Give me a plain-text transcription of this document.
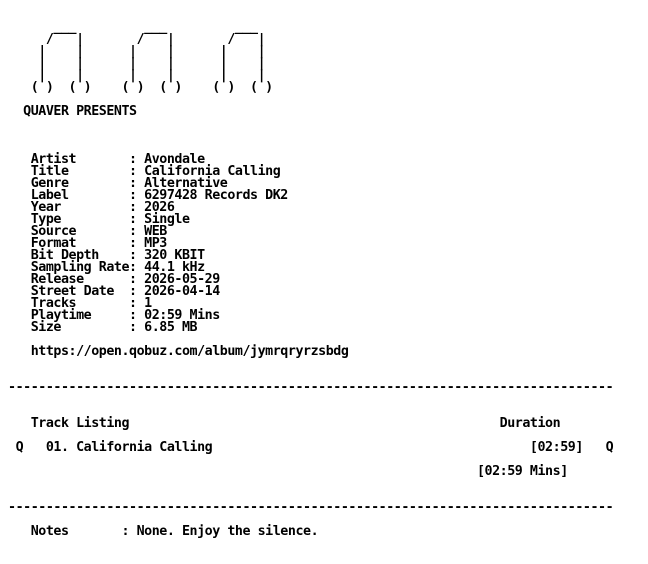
___         ___         ___
/   |       /   |       /   |
|    |      |    |      |    |
|    |      |    |      |    |
|    |      |    |      |    |
( )  ( )    ( )  ( )    ( )  ( )
QUAVER PRESENTS
Artist       : Avondale
Title        : California Calling
Genre        : Alternative
Label        : 6297428 Records DK2
Year         : 2026
Type         : Single
Source       : WEB
Format       : MP3
Bit Depth    : 320 KBIT
Sampling Rate: 44.1 kHz
Release      : 2026-05-29
Street Date  : 2026-04-14
Tracks       : 1
Playtime     : 02:59 Mins
Size         : 6.85 MB
https://open.qobuz.com/album/jymrqryrzsbdg
--------------------------------------------------------------------------------
Track Listing                                                 Duration
Q   01. California Calling                                          [02:59]   Q
[02:59 Mins]
--------------------------------------------------------------------------------
Notes       : None. Enjoy the silence.
